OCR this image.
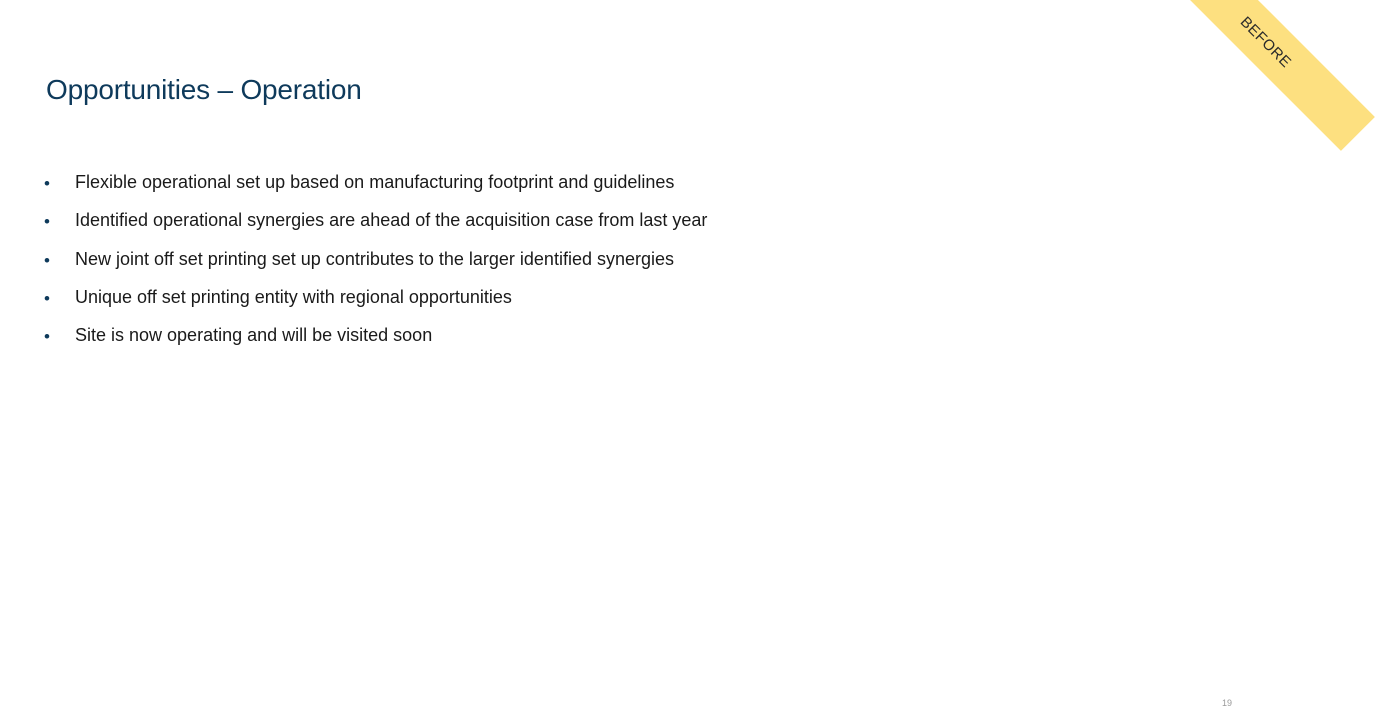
Opportunities – Operation
• Flexible operational set up based on manufacturing footprint and guidelines
• Identified operational synergies are ahead of the acquisition case from last year
• New joint off set printing set up contributes to the larger identified synergies
• Unique off set printing entity with regional opportunities
• Site is now operating and will be visited soon
BEFORE
19
